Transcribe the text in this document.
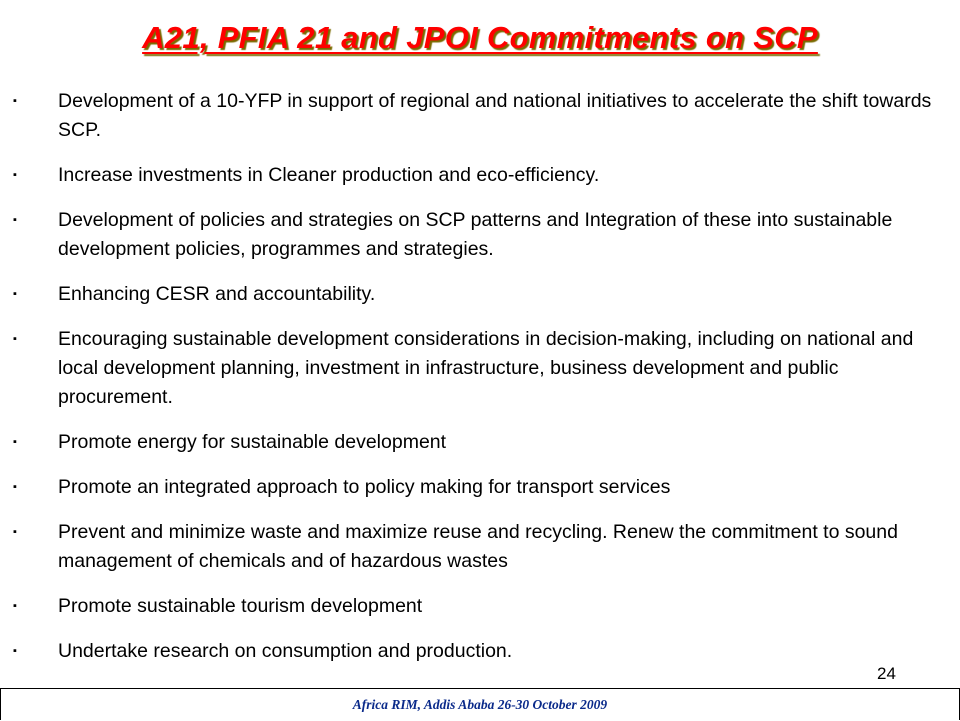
A21, PFIA 21 and JPOI Commitments on SCP
▪	Development of a 10-YFP in support of regional and national initiatives to accelerate the shift towards SCP.
▪	Increase investments in Cleaner production and eco-efficiency.
▪	Development of policies and strategies on SCP patterns and Integration of these into sustainable development policies, programmes and strategies.
▪	Enhancing CESR and accountability.
▪	Encouraging sustainable development considerations in decision-making, including on national and local development planning, investment in infrastructure, business development and public procurement.
▪	Promote energy for sustainable development
▪	Promote an integrated approach to policy making for transport services
▪	Prevent and minimize waste and maximize reuse and recycling. Renew the commitment to sound management of chemicals and of hazardous wastes
▪	Promote sustainable tourism development
▪	Undertake research on consumption and production.
24
Africa RIM, Addis Ababa 26-30 October 2009
